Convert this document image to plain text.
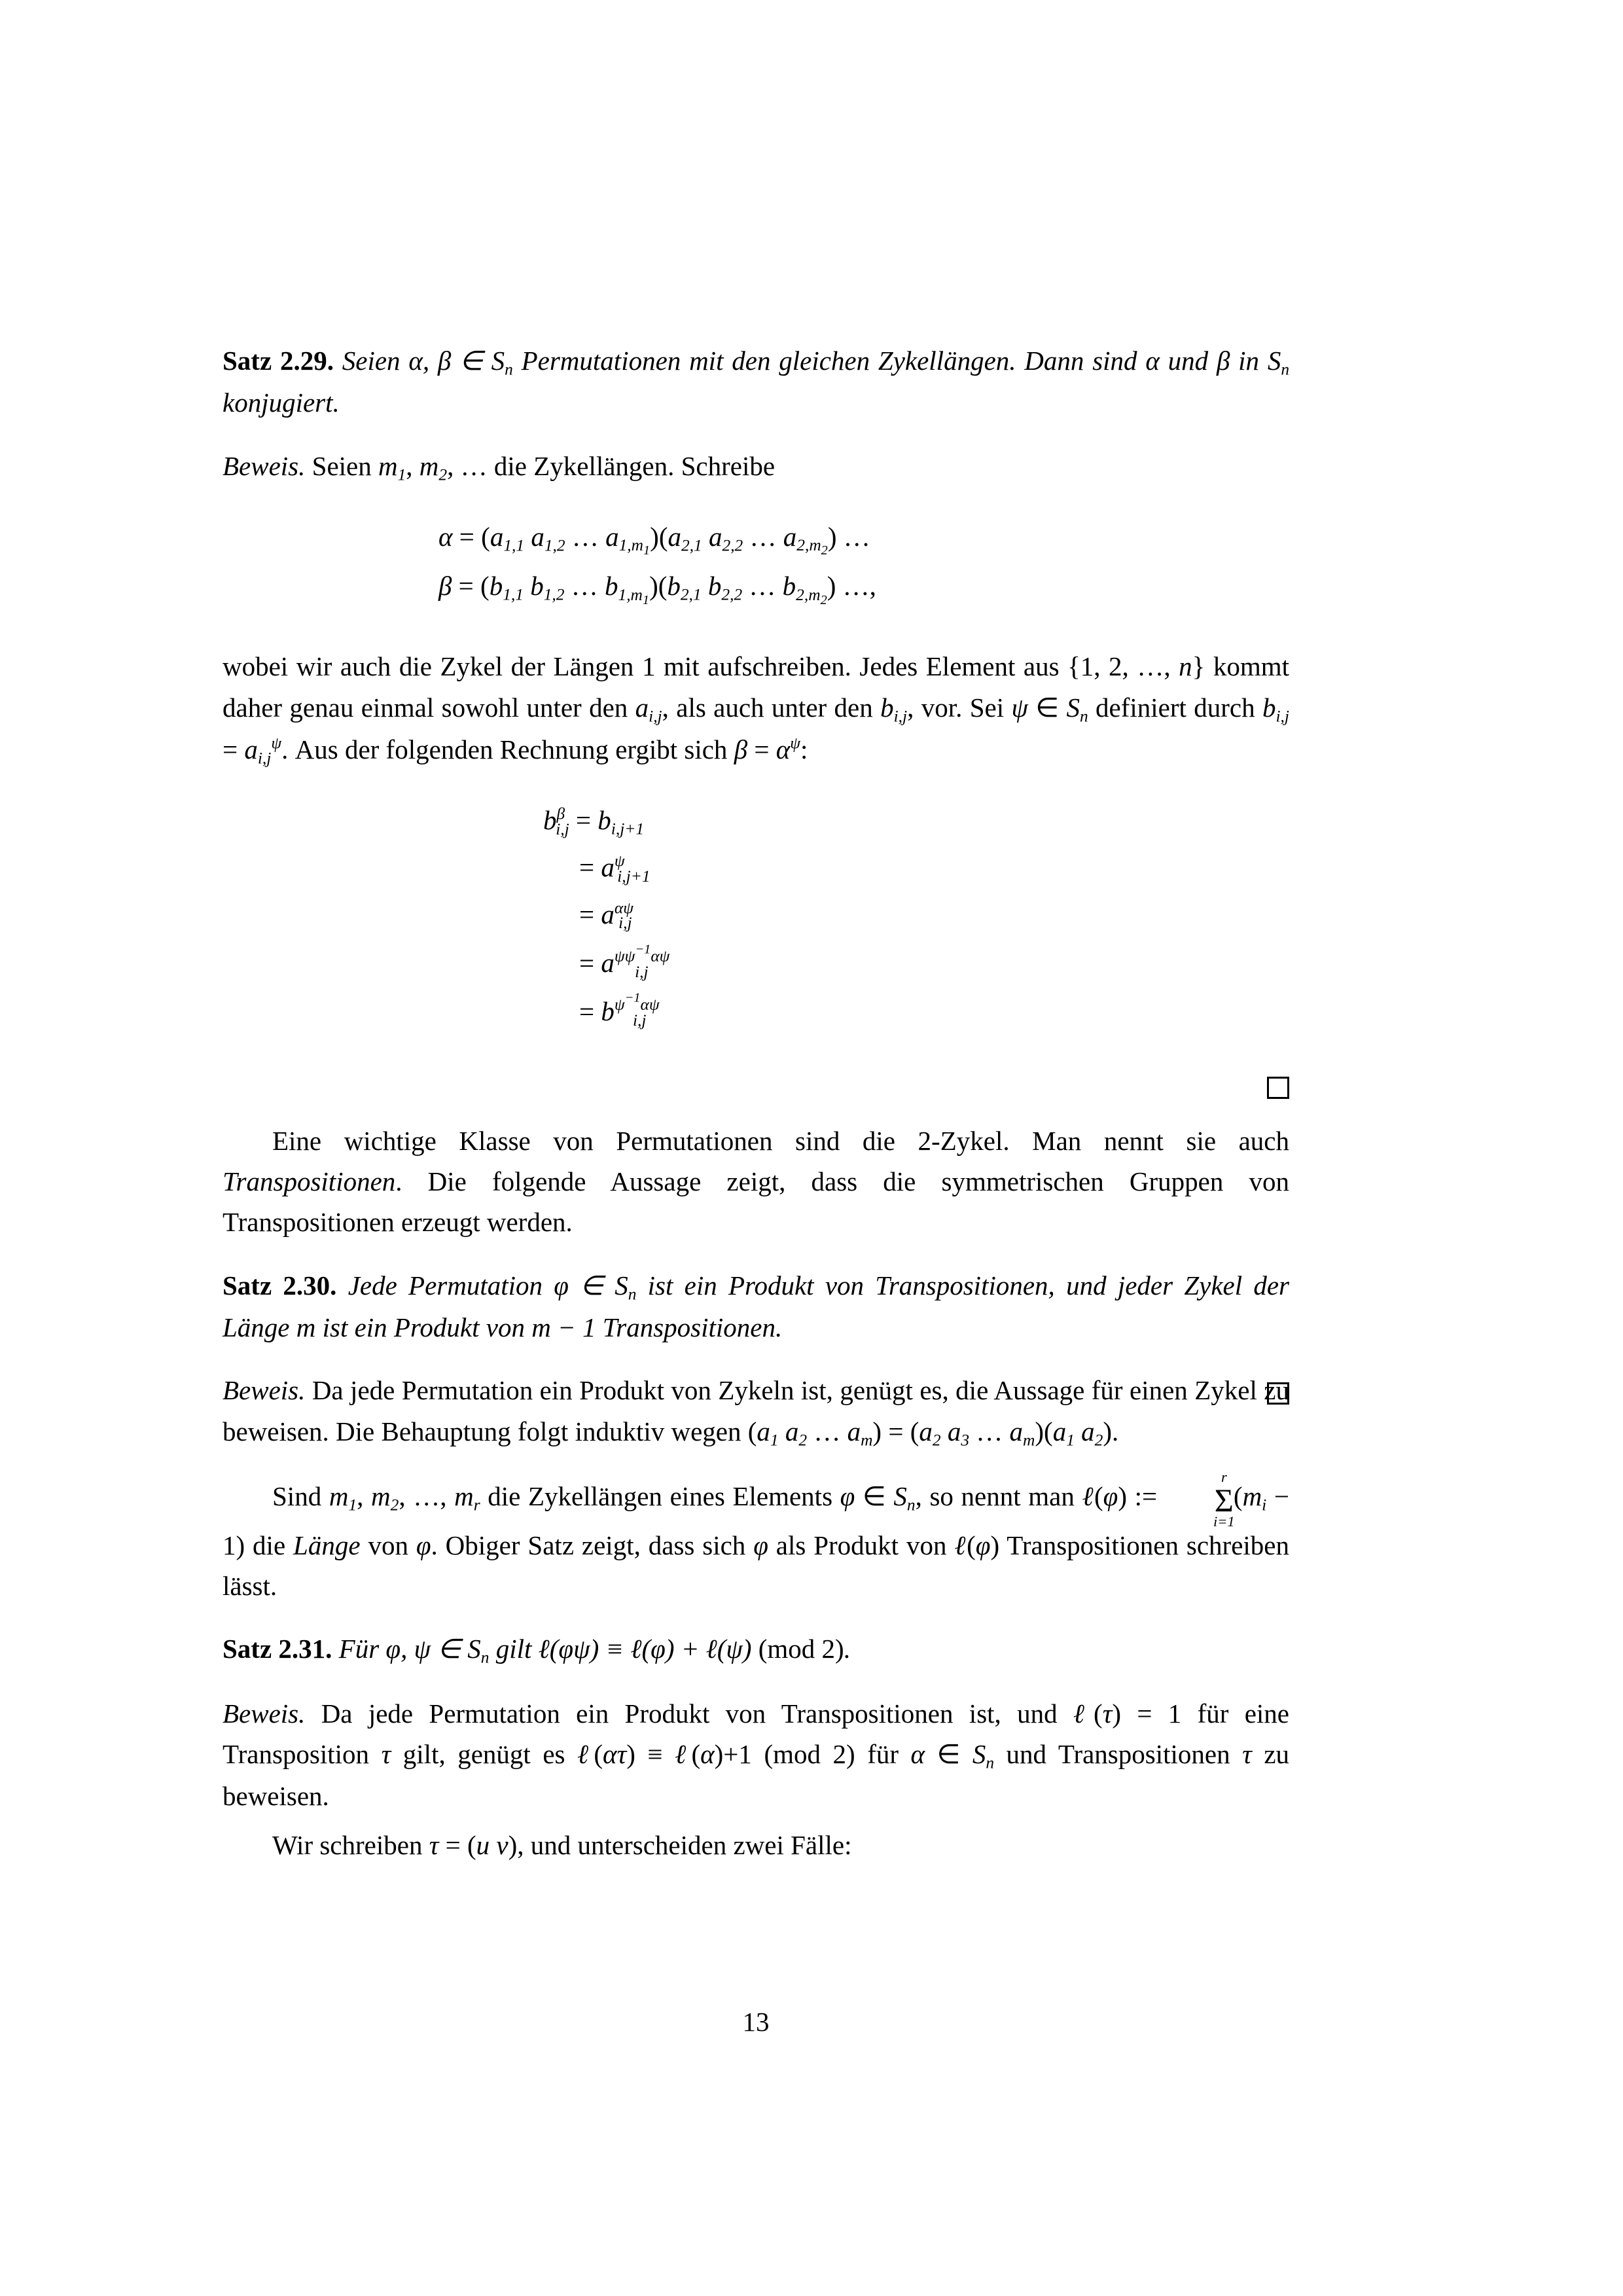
Satz 2.29. Seien α, β ∈ $S_n$ Permutationen mit den gleichen Zykellängen. Dann sind α und β in $S_n$ konjugiert.

Beweis. Seien $m_1$, $m_2$, … die Zykellängen. Schreibe

$\alpha = (a_{1,1}$ $a_{1,2}$ … $a_{1,m_1})(a_{2,1}$ $a_{2,2}$ … $a_{2,m_2}$) …
$\beta = (b_{1,1}$ $b_{1,2}$ … $b_{1,m_1})(b_{2,1}$ $b_{2,2}$ … $b_{2,m_2}$) …,

wobei wir auch die Zykel der Längen 1 mit aufschreiben. Jedes Element aus {1, 2, …, n} kommt daher genau einmal sowohl unter den $a_{i,j}$, als auch unter den $b_{i,j}$, vor. Sei ψ ∈ $S_n$ definiert durch $b_{i,j} = a_{i,j}^\psi$. Aus der folgenden Rechnung ergibt sich $\beta = \alpha^\psi$:

$b^\beta_{i,j} = b_{i,j+1}$
= $a^\psi_{i,j+1}$
= $a^{\alpha\psi}_{i,j}$
= $a^{\psi\psi^{-1}\alpha\psi}_{i,j}$
= $b^{\psi^{-1}\alpha\psi}_{i,j}$

Eine wichtige Klasse von Permutationen sind die 2-Zykel. Man nennt sie auch Transpositionen. Die folgende Aussage zeigt, dass die symmetrischen Gruppen von Transpositionen erzeugt werden.

Satz 2.30. Jede Permutation φ ∈ $S_n$ ist ein Produkt von Transpositionen, und jeder Zykel der Länge m ist ein Produkt von m − 1 Transpositionen.

Beweis. Da jede Permutation ein Produkt von Zykeln ist, genügt es, die Aussage für einen Zykel zu beweisen. Die Behauptung folgt induktiv wegen ($a_1$ $a_2$ … $a_m) = (a_2$ $a_3$ … $a_m)(a_1$ $a_2$).

Sind $m_1$, $m_2$, …, $m_r$ die Zykellängen eines Elements φ ∈ $S_n$, so nennt man ℓ(φ) := Σ
r
i=1
$(m_i - 1)$ die Länge von φ. Obiger Satz zeigt, dass sich φ als Produkt von ℓ(φ) Transpositionen schreiben lässt.

Satz 2.31. Für φ, ψ ∈ $S_n$ gilt ℓ(φψ) ≡ ℓ(φ) + ℓ(ψ) (mod 2).

Beweis. Da jede Permutation ein Produkt von Transpositionen ist, und ℓ(τ) = 1 für eine Transposition τ gilt, genügt es ℓ(ατ) ≡ ℓ(α)+1 (mod 2) für α ∈ $S_n$ und Transpositionen τ zu beweisen.

Wir schreiben τ = (u v), und unterscheiden zwei Fälle:

13
